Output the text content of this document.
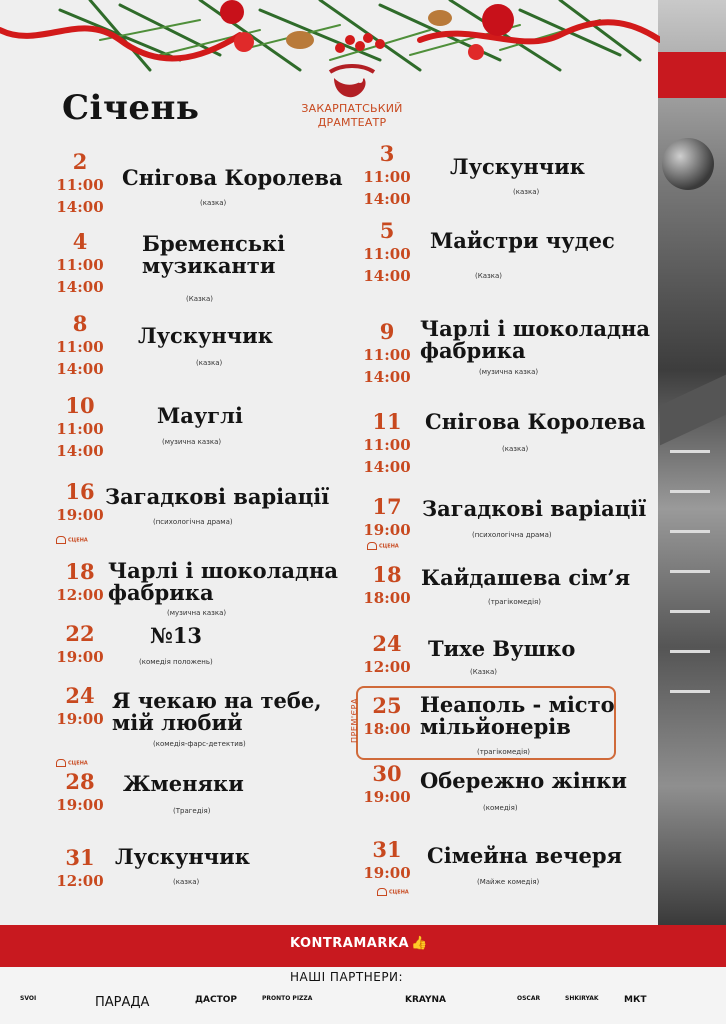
Січень	ЗАКАРПАТСЬКИЙ
ДРАМТЕАТР
ПРЕМ'ЄРА
2
11:00
14:00
Снігова Королева
(казка)
4
11:00
14:00
Бременські
музиканти
(Казка)
8
11:00
14:00
Лускунчик
(казка)
10
11:00
14:00
Мауглі
(музична казка)
16
19:00
Загадкові варіації
(психологічна драма)
СЦЕНА
18
12:00
Чарлі і шоколадна
фабрика
(музична казка)
22
19:00
№13
(комедія положень)
24
19:00
Я чекаю на тебе,
мій любий
(комедія-фарс-детектив)
СЦЕНА
28
19:00
Жменяки
(Трагедія)
31
12:00
Лускунчик
(казка)
3
11:00
14:00
Лускунчик
(казка)
5
11:00
14:00
Майстри чудес
(Казка)
9
11:00
14:00
Чарлі і шоколадна
фабрика
(музична казка)
11
11:00
14:00
Снігова Королева
(казка)
17
19:00
Загадкові варіації
(психологічна драма)
СЦЕНА
18
18:00
Кайдашева сім’я
(трагікомедія)
24
12:00
Тихе Вушко
(Казка)
25
18:00
Неаполь - місто
мільйонерів
(трагікомедія)
30
19:00
Обережно жінки
(комедія)
31
19:00
Сімейна вечеря
(Майже комедія)
СЦЕНА
KONTRAMARKA 👍
НАШІ ПАРТНЕРИ:
SVOI	ПАРАДА	ДАСТОР	PRONTO PIZZA	KRAYNA	OSCAR	SHKIRYAK	МКТ
